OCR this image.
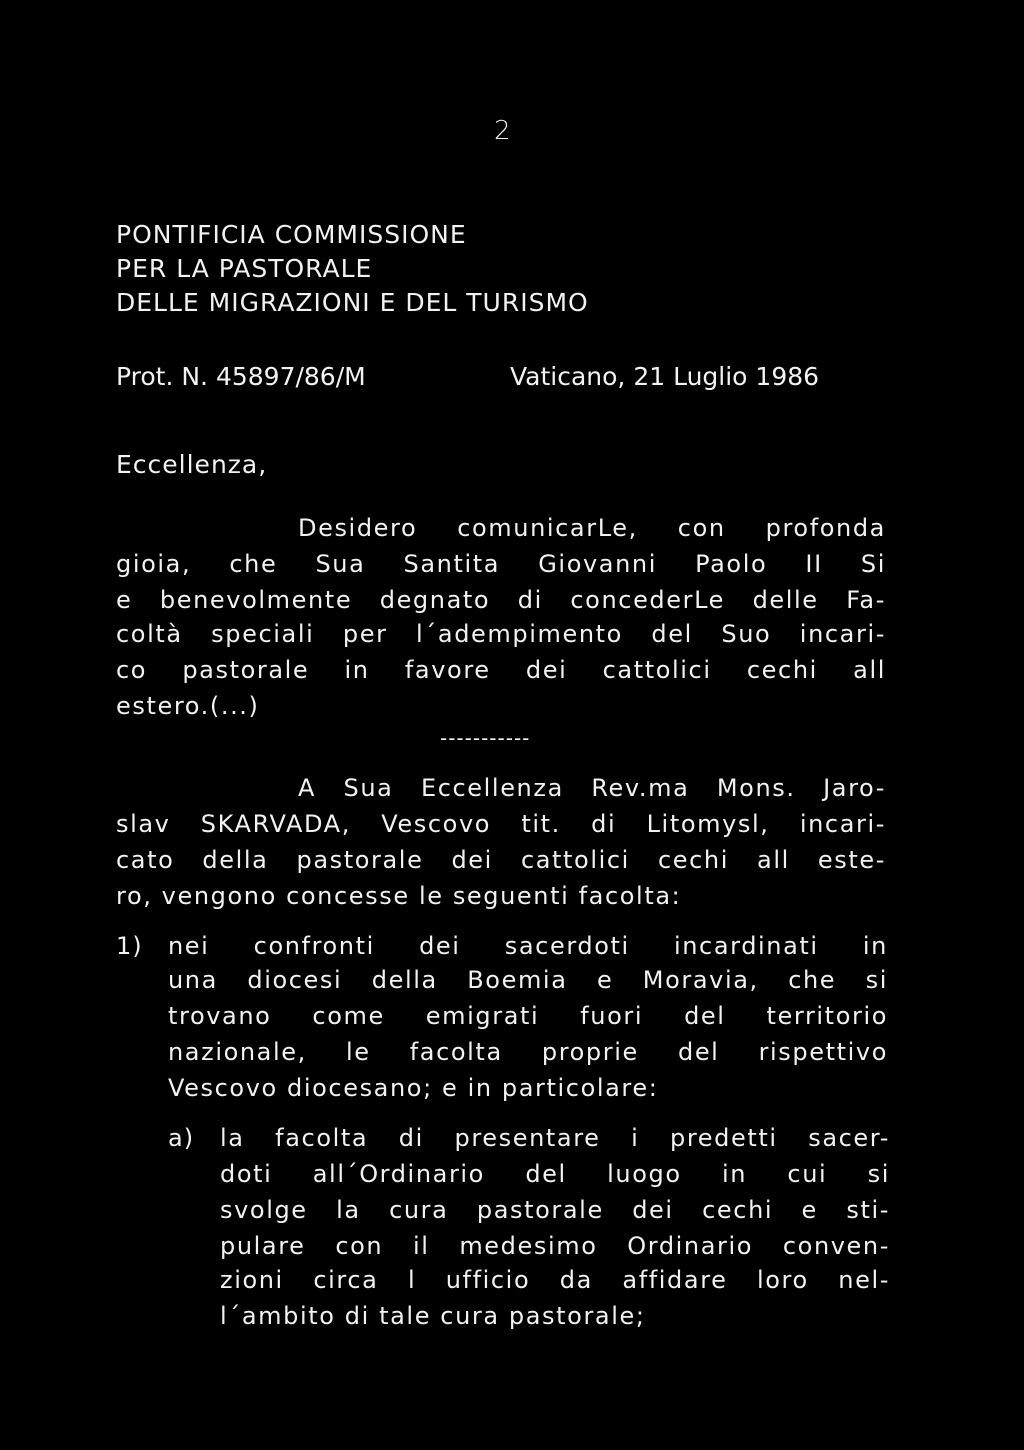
2
PONTIFICIA COMMISSIONE
PER LA PASTORALE
DELLE MIGRAZIONI E DEL TURISMO
Prot. N. 45897/86/M	Vaticano, 21 Luglio 1986
Eccellenza,
Desidero comunicarLe, con profonda
gioia, che Sua Santita Giovanni Paolo II Si
e benevolmente degnato di concederLe delle Fa-
coltà speciali per l´adempimento del Suo incari-
co pastorale in favore dei cattolici cechi all
estero.(...)
-----------
A Sua Eccellenza Rev.ma Mons. Jaro-
slav SKARVADA, Vescovo tit. di Litomysl, incari-
cato della pastorale dei cattolici cechi all este-
ro, vengono concesse le seguenti facolta:
1) nei confronti dei sacerdoti incardinati in
una diocesi della Boemia e Moravia, che si
trovano come emigrati fuori del territorio
nazionale, le facolta proprie del rispettivo
Vescovo diocesano; e in particolare:
a) la facolta di presentare i predetti sacer-
doti all´Ordinario del luogo in cui si
svolge la cura pastorale dei cechi e sti-
pulare con il medesimo Ordinario conven-
zioni circa l ufficio da affidare loro nel-
l´ambito di tale cura pastorale;
